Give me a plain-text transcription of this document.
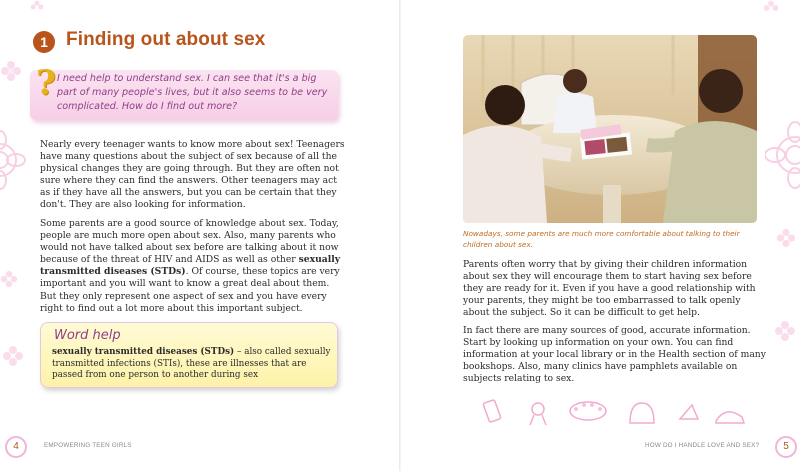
1 Finding out about sex
? I need help to understand sex. I can see that it's a big part of many people's lives, but it also seems to be very complicated. How do I find out more?
Nearly every teenager wants to know more about sex! Teenagers have many questions about the subject of sex because of all the physical changes they are going through. But they are often not sure where they can find the answers. Other teenagers may act as if they have all the answers, but you can be certain that they don't. They are also looking for information.
Some parents are a good source of knowledge about sex. Today, people are much more open about sex. Also, many parents who would not have talked about sex before are talking about it now because of the threat of HIV and AIDS as well as other sexually transmitted diseases (STDs). Of course, these topics are very important and you will want to know a great deal about them. But they only represent one aspect of sex and you have every right to find out a lot more about this important subject.
Word help
sexually transmitted diseases (STDs) – also called sexually transmitted infections (STIs), these are illnesses that are passed from one person to another during sex
Nowadays, some parents are much more comfortable about talking to their children about sex.
Parents often worry that by giving their children information about sex they will encourage them to start having sex before they are ready for it. Even if you have a good relationship with your parents, they might be too embarrassed to talk openly about the subject. So it can be difficult to get help.
In fact there are many sources of good, accurate information. Start by looking up information on your own. You can find information at your local library or in the Health section of many bookshops. Also, many clinics have pamphlets available on subjects relating to sex.
4	EMPOWERING TEEN GIRLS	HOW DO I HANDLE LOVE AND SEX?	5
